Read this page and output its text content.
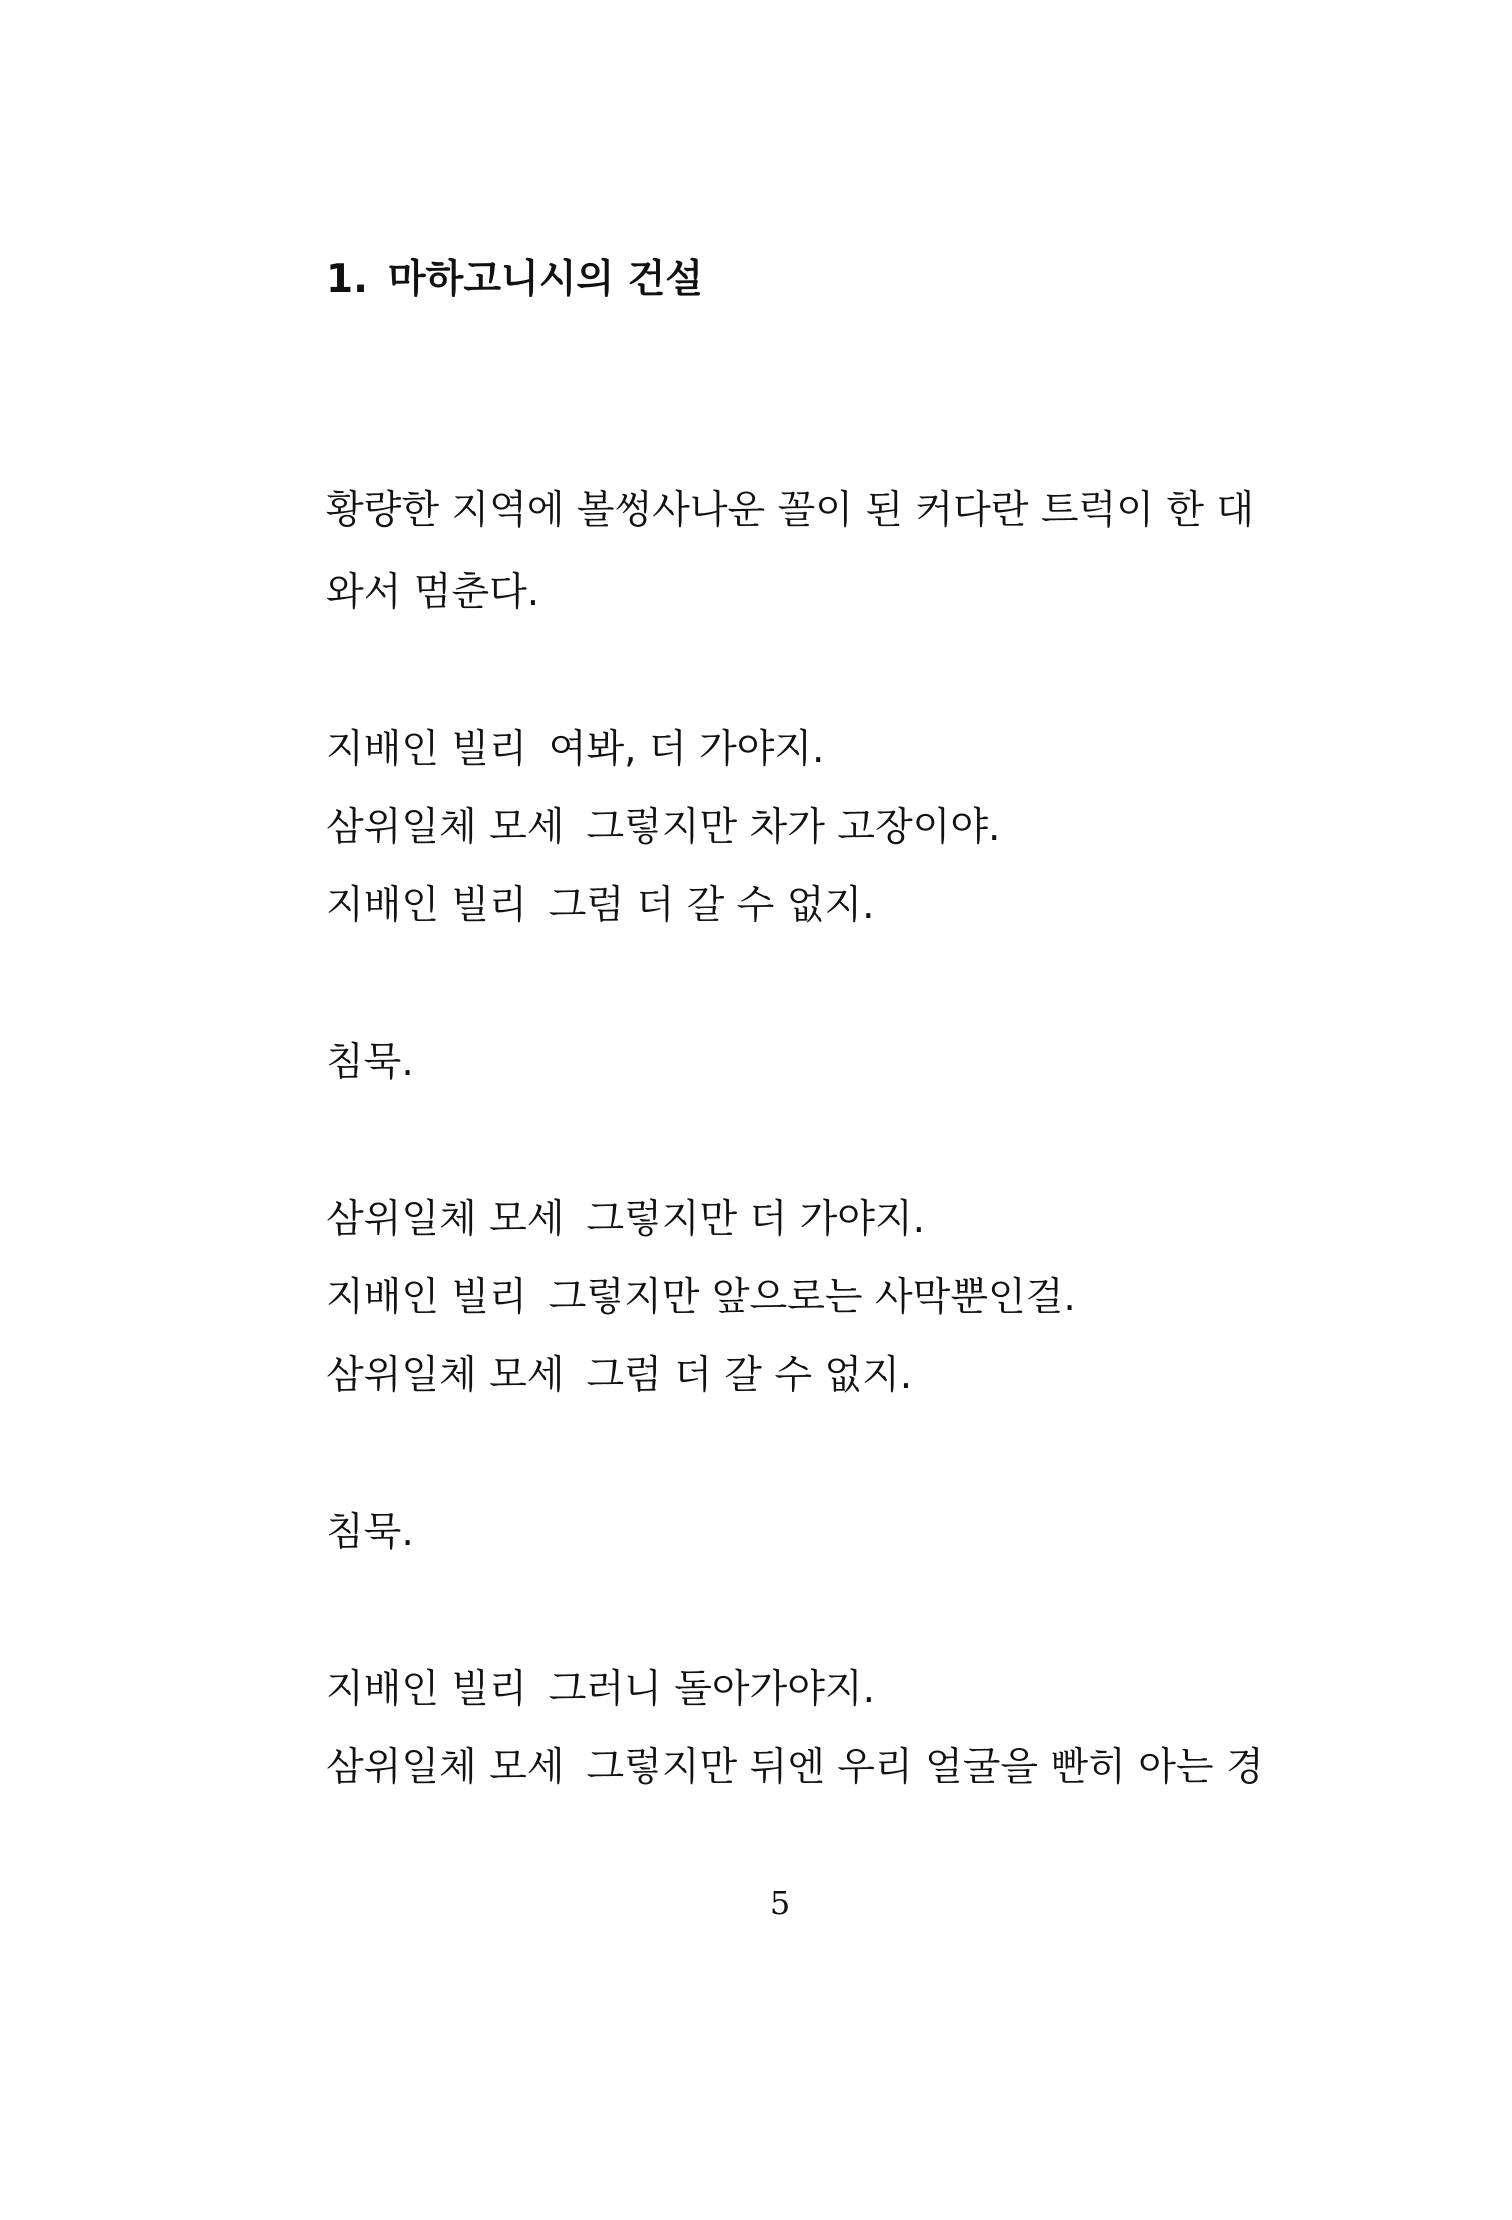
1. 마하고니시의 건설
황량한 지역에 볼썽사나운 꼴이 된 커다란 트럭이 한 대
와서 멈춘다.
지배인 빌리 여봐, 더 가야지.
삼위일체 모세 그렇지만 차가 고장이야.
지배인 빌리 그럼 더 갈 수 없지.
침묵.
삼위일체 모세 그렇지만 더 가야지.
지배인 빌리 그렇지만 앞으로는 사막뿐인걸.
삼위일체 모세 그럼 더 갈 수 없지.
침묵.
지배인 빌리 그러니 돌아가야지.
삼위일체 모세 그렇지만 뒤엔 우리 얼굴을 빤히 아는 경
5
